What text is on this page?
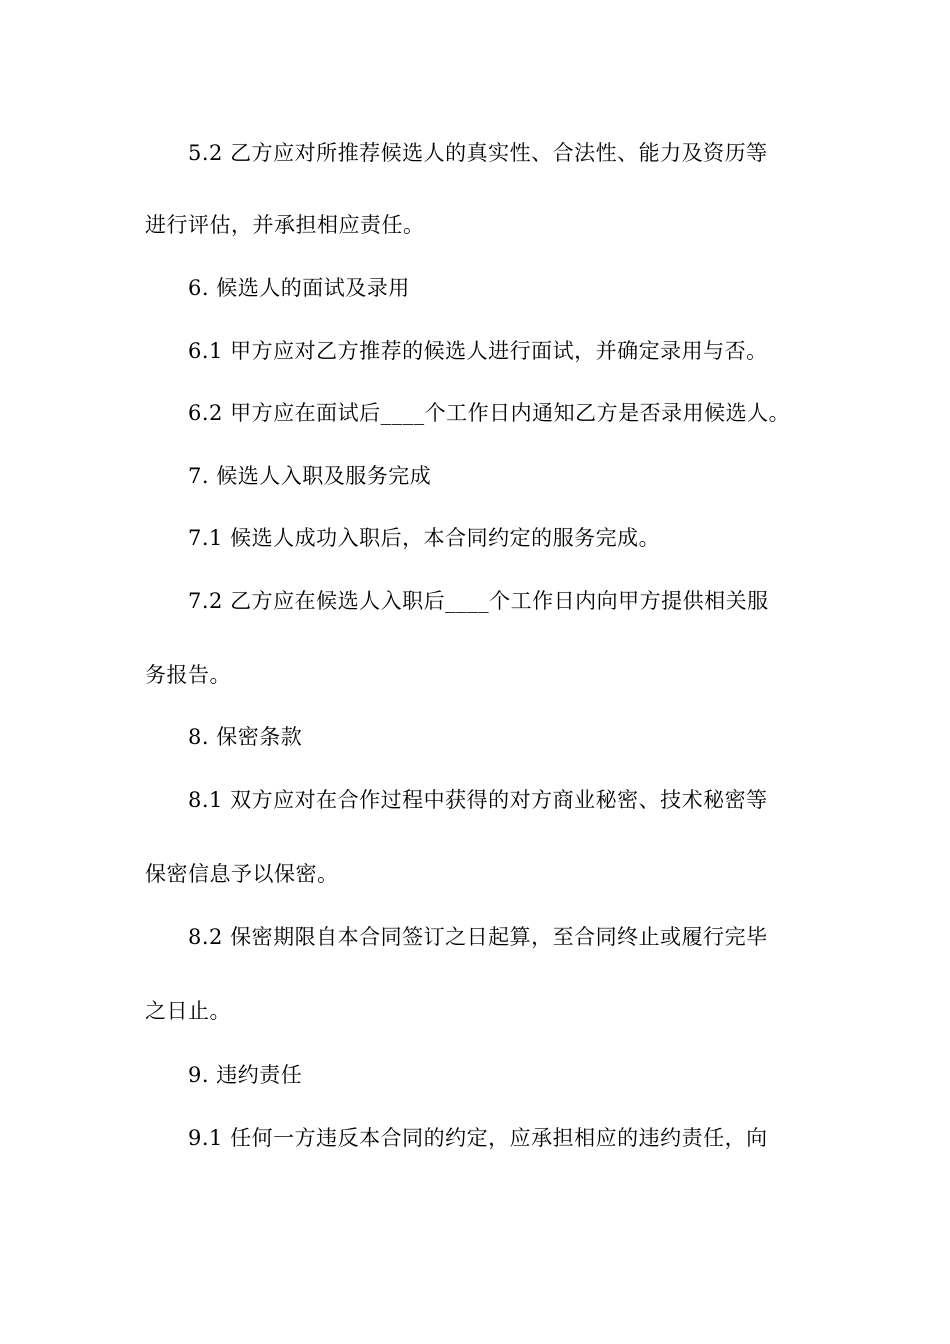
5.2 乙方应对所推荐候选人的真实性、合法性、能力及资历等
进行评估，并承担相应责任。
6. 候选人的面试及录用
6.1 甲方应对乙方推荐的候选人进行面试，并确定录用与否。
6.2 甲方应在面试后____个工作日内通知乙方是否录用候选人。
7. 候选人入职及服务完成
7.1 候选人成功入职后，本合同约定的服务完成。
7.2 乙方应在候选人入职后____个工作日内向甲方提供相关服
务报告。
8. 保密条款
8.1 双方应对在合作过程中获得的对方商业秘密、技术秘密等
保密信息予以保密。
8.2 保密期限自本合同签订之日起算，至合同终止或履行完毕
之日止。
9. 违约责任
9.1 任何一方违反本合同的约定，应承担相应的违约责任，向
